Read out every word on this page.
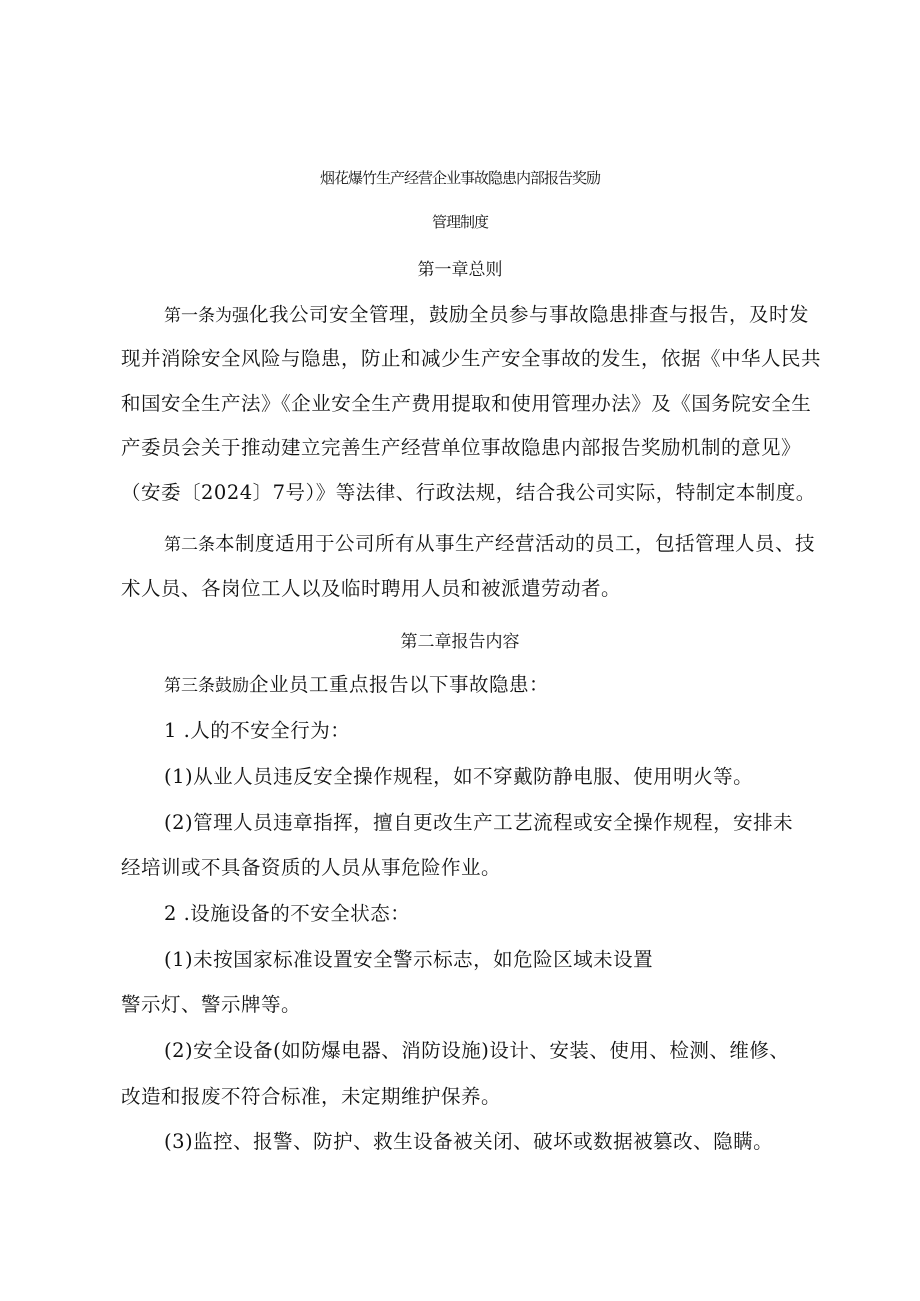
烟花爆竹生产经营企业事故隐患内部报告奖励
管理制度
第一章总则
第一条为强化我公司安全管理，鼓励全员参与事故隐患排查与报告，及时发
现并消除安全风险与隐患，防止和减少生产安全事故的发生，依据《中华人民共
和国安全生产法》《企业安全生产费用提取和使用管理办法》及《国务院安全生
产委员会关于推动建立完善生产经营单位事故隐患内部报告奖励机制的意见》
（安委〔2024〕7号）》等法律、行政法规，结合我公司实际，特制定本制度。
第二条本制度适用于公司所有从事生产经营活动的员工，包括管理人员、技
术人员、各岗位工人以及临时聘用人员和被派遣劳动者。
第二章报告内容
第三条鼓励企业员工重点报告以下事故隐患：
1 .人的不安全行为：
(1)从业人员违反安全操作规程，如不穿戴防静电服、使用明火等。
(2)管理人员违章指挥，擅自更改生产工艺流程或安全操作规程，安排未
经培训或不具备资质的人员从事危险作业。
2 .设施设备的不安全状态：
(1)未按国家标准设置安全警示标志，如危险区域未设置
警示灯、警示牌等。
(2)安全设备(如防爆电器、消防设施)设计、安装、使用、检测、维修、
改造和报废不符合标准，未定期维护保养。
(3)监控、报警、防护、救生设备被关闭、破坏或数据被篡改、隐瞒。
